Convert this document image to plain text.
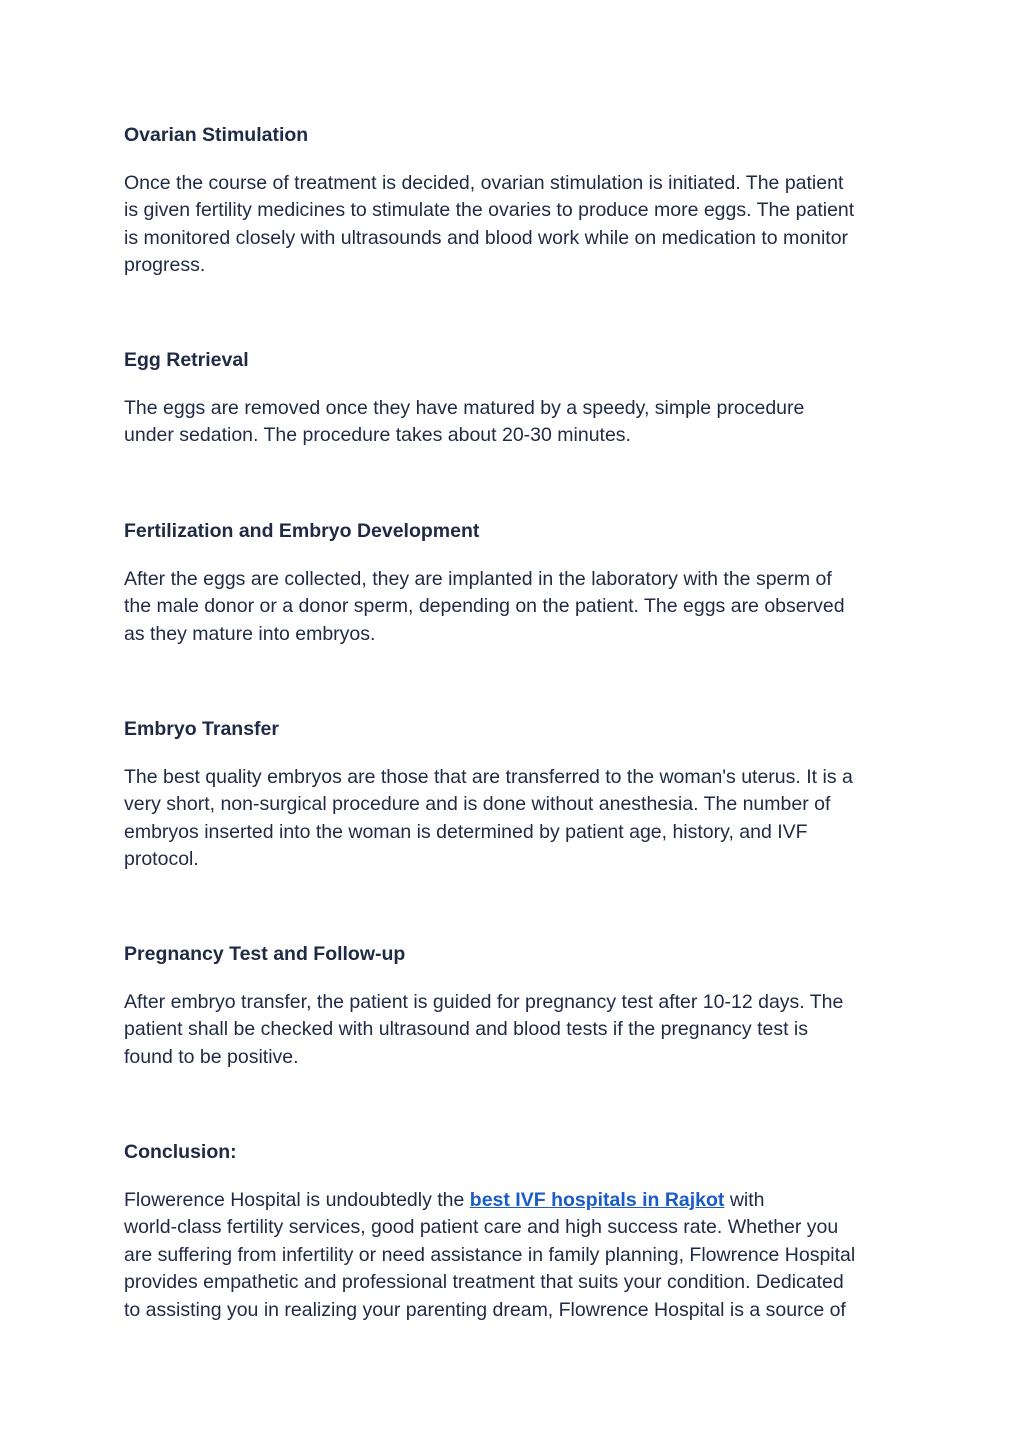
Ovarian Stimulation

Once the course of treatment is decided, ovarian stimulation is initiated. The patient
is given fertility medicines to stimulate the ovaries to produce more eggs. The patient
is monitored closely with ultrasounds and blood work while on medication to monitor
progress.

Egg Retrieval

The eggs are removed once they have matured by a speedy, simple procedure
under sedation. The procedure takes about 20-30 minutes.

Fertilization and Embryo Development

After the eggs are collected, they are implanted in the laboratory with the sperm of
the male donor or a donor sperm, depending on the patient. The eggs are observed
as they mature into embryos.

Embryo Transfer

The best quality embryos are those that are transferred to the woman's uterus. It is a
very short, non-surgical procedure and is done without anesthesia. The number of
embryos inserted into the woman is determined by patient age, history, and IVF
protocol.

Pregnancy Test and Follow-up

After embryo transfer, the patient is guided for pregnancy test after 10-12 days. The
patient shall be checked with ultrasound and blood tests if the pregnancy test is
found to be positive.

Conclusion:

Flowerence Hospital is undoubtedly the best IVF hospitals in Rajkot with
world-class fertility services, good patient care and high success rate. Whether you
are suffering from infertility or need assistance in family planning, Flowrence Hospital
provides empathetic and professional treatment that suits your condition. Dedicated
to assisting you in realizing your parenting dream, Flowrence Hospital is a source of
